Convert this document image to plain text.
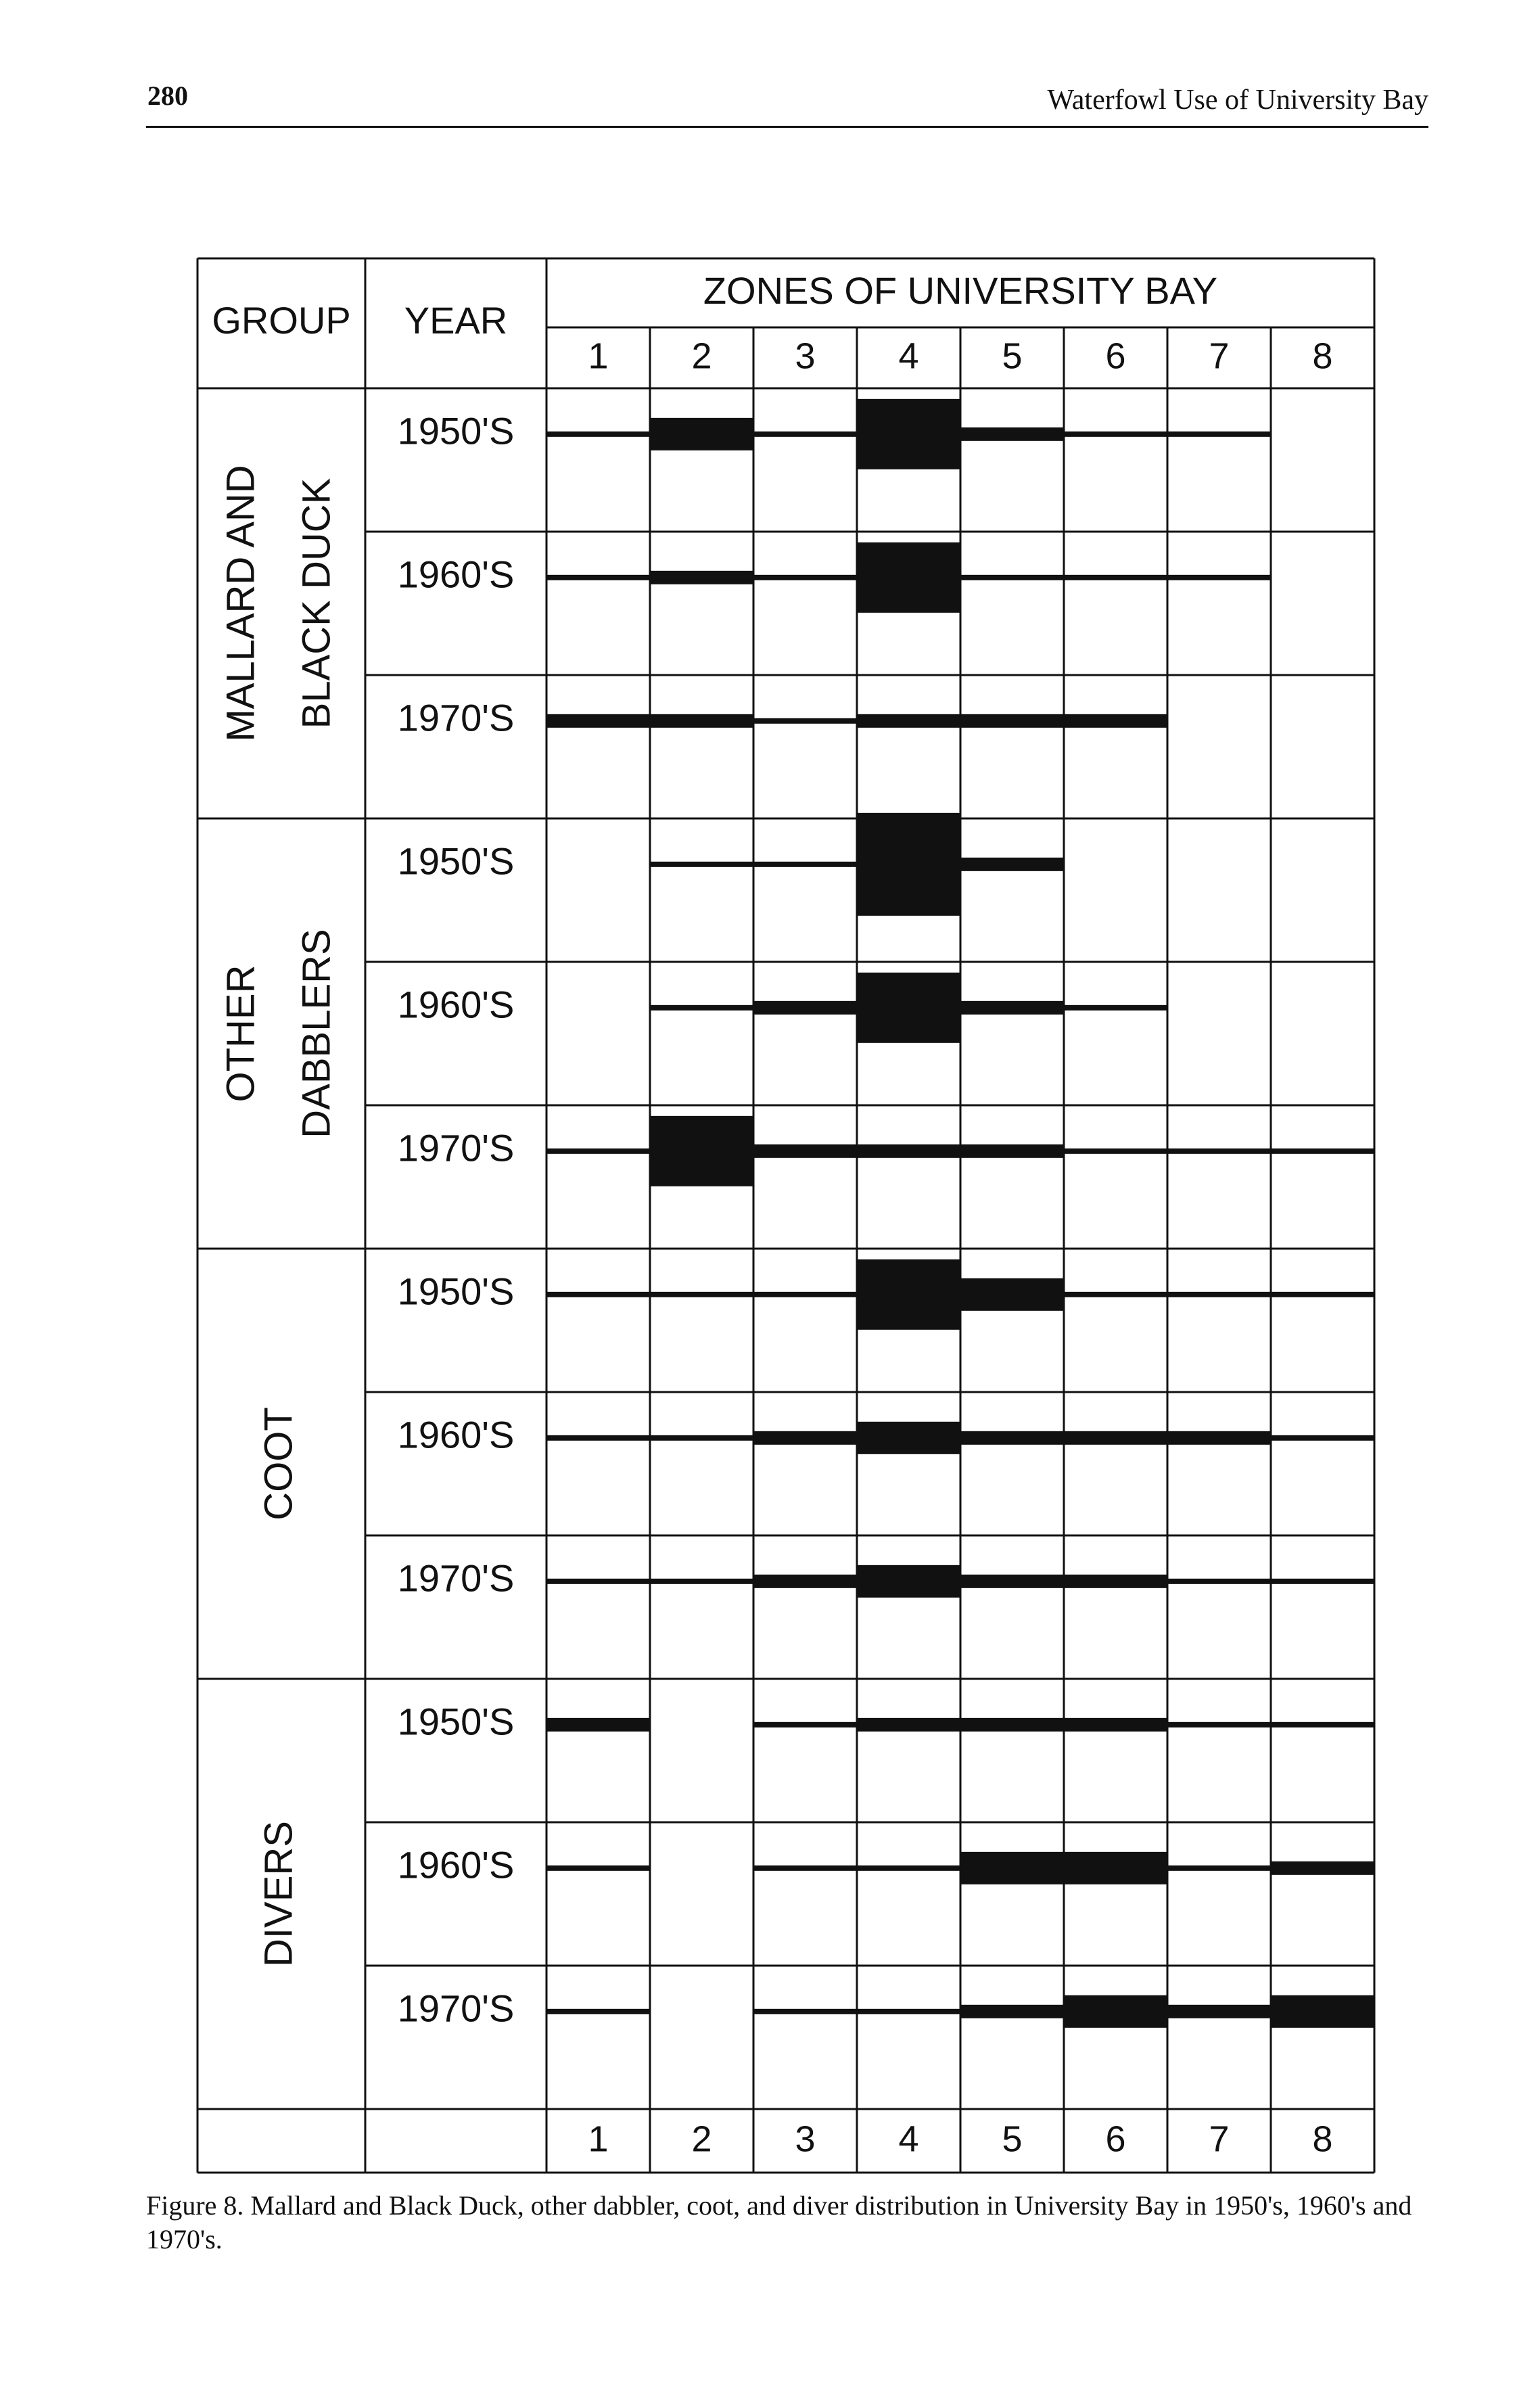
280	Waterfowl Use of University Bay
GROUP YEAR
ZONES OF UNIVERSITY BAY
1
1
2
2
3
3
4
4
5
5
6
6
7
7
8
8
MALLARD AND BLACK DUCK
1950'S
1960'S
1970'S
OTHER DABBLERS
1950'S
1960'S
1970'S
COOT
1950'S
1960'S
1970'S
DIVERS
1950'S
1960'S
1970'S
Figure 8. Mallard and Black Duck, other dabbler, coot, and diver distribution in University Bay in 1950's, 1960's and 1970's.
